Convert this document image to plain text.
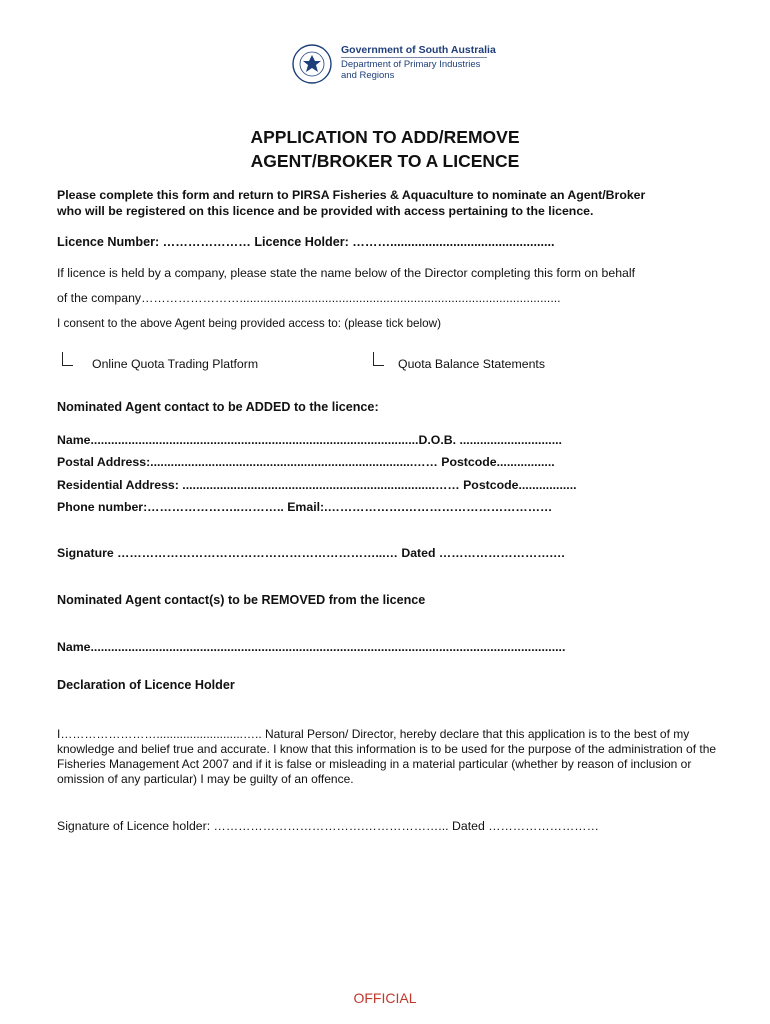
Government of South Australia
Department of Primary Industries
and Regions
APPLICATION TO ADD/REMOVE
AGENT/BROKER TO A LICENCE
Please complete this form and return to PIRSA Fisheries & Aquaculture to nominate an Agent/Broker
who will be registered on this licence and be provided with access pertaining to the licence.
Licence Number: ………………… Licence Holder: ………...............................................
If licence is held by a company, please state the name below of the Director completing this form on behalf
of the company……………………..............................................................................................
I consent to the above Agent being provided access to: (please tick below)
Online Quota Trading Platform	Quota Balance Statements
Nominated Agent contact to be ADDED to the licence:
Name................................................................................................D.O.B. ..............................
Postal Address:.............................................................................…… Postcode.................
Residential Address: ..........................................................................…… Postcode.................
Phone number:…………………..……….. Email:.……………….………………………………
Signature ………………………………………………………...… Dated ……………………….…
Nominated Agent contact(s) to be REMOVED from the licence
Name...........................................................................................................................................
Declaration of Licence Holder
I……………………..........................….. Natural Person/ Director, hereby declare that this application is to the best of my knowledge and belief true and accurate. I know that this information is to be used for the purpose of the administration of the Fisheries Management Act 2007 and if it is false or misleading in a material particular (whether by reason of inclusion or omission of any particular) I may be guilty of an offence.
Signature of Licence holder: ……………………………….………………... Dated ………………………
OFFICIAL
